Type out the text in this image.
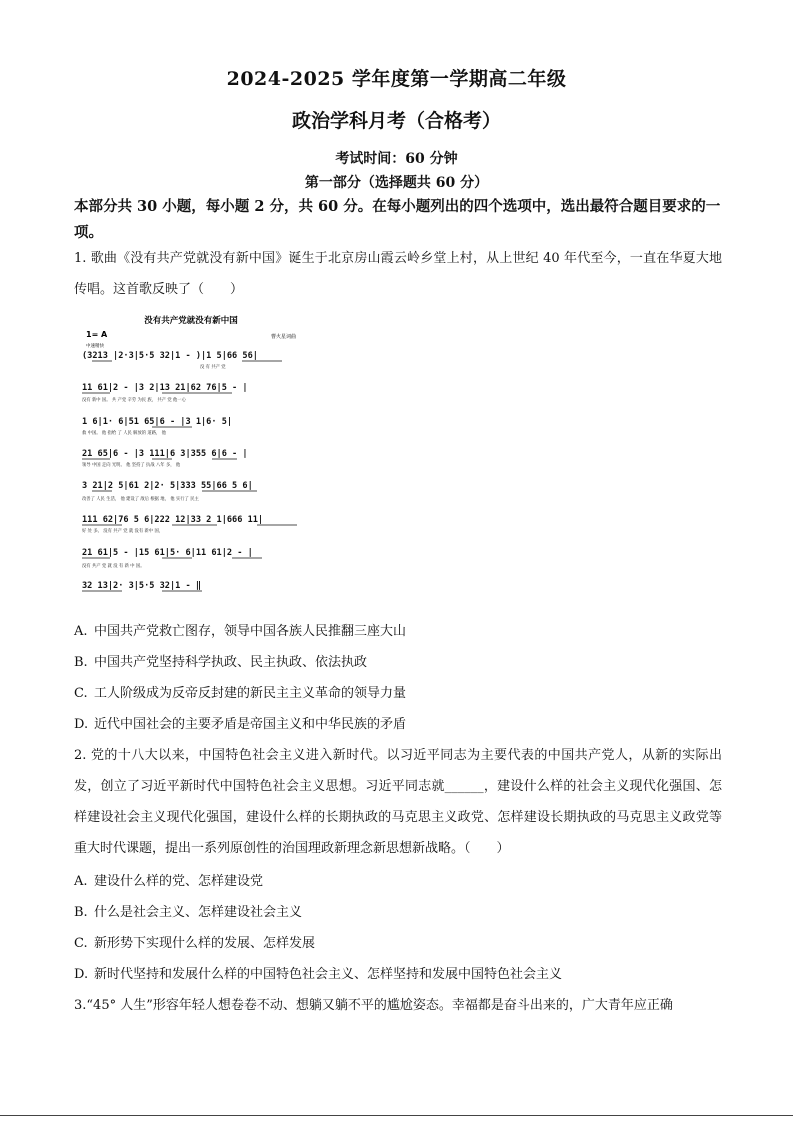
2024-2025 学年度第一学期高二年级
政治学科月考（合格考）
考试时间：60 分钟
第一部分（选择题共 60 分）
本部分共 30 小题，每小题 2 分，共 60 分。在每小题列出的四个选项中，选出最符合题目要求的一项。
1. 歌曲《没有共产党就没有新中国》诞生于北京房山霞云岭乡堂上村，从上世纪 40 年代至今，一直在华夏大地传唱。这首歌反映了（　　）
没有共产党就没有新中国
1= A
中速稍快
曹火星词曲
(3213 |2·3|5·5 32|1 - )|1 5|66 56|
11 61|2 - |3 2|13 21|62 76|5 - |
1 6|1· 6|51 65|6 - |3 1|6· 5|
21 65|6 - |3 111|6 3|355 6|6 - |
3 21|2 5|61 2|2· 5|333 55|66 5 6|
111 62|76 5 6|222 12|33 2 1|666 11|
21 61|5 - |15 61|5· 6|11 61|2 - |
32 13|2· 3|5·5 32|1 - ‖
没 有 共产 党
没有 新中 国。 共 产党 辛劳 为民 族， 共产 党 他一心
救 中国。 他 指给 了 人民 解放的 道路， 他
领导 中国 走向 光明。 他 坚持了 抗战 八年 多， 他
改善了 人民 生活， 他 建设了 敌后 根据 地， 他 实行了 民主
好 处 多。 没有 共产 党 就 没有 新中 国，
没有 共产 党 就 没 有 新 中 国。
A. 中国共产党救亡图存，领导中国各族人民推翻三座大山
B. 中国共产党坚持科学执政、民主执政、依法执政
C. 工人阶级成为反帝反封建的新民主主义革命的领导力量
D. 近代中国社会的主要矛盾是帝国主义和中华民族的矛盾
2. 党的十八大以来，中国特色社会主义进入新时代。以习近平同志为主要代表的中国共产党人，从新的实际出发，创立了习近平新时代中国特色社会主义思想。习近平同志就______，建设什么样的社会主义现代化强国、怎样建设社会主义现代化强国，建设什么样的长期执政的马克思主义政党、怎样建设长期执政的马克思主义政党等重大时代课题，提出一系列原创性的治国理政新理念新思想新战略。（　　）
A. 建设什么样的党、怎样建设党
B. 什么是社会主义、怎样建设社会主义
C. 新形势下实现什么样的发展、怎样发展
D. 新时代坚持和发展什么样的中国特色社会主义、怎样坚持和发展中国特色社会主义
3.“45° 人生”形容年轻人想卷卷不动、想躺又躺不平的尴尬姿态。幸福都是奋斗出来的，广大青年应正确
